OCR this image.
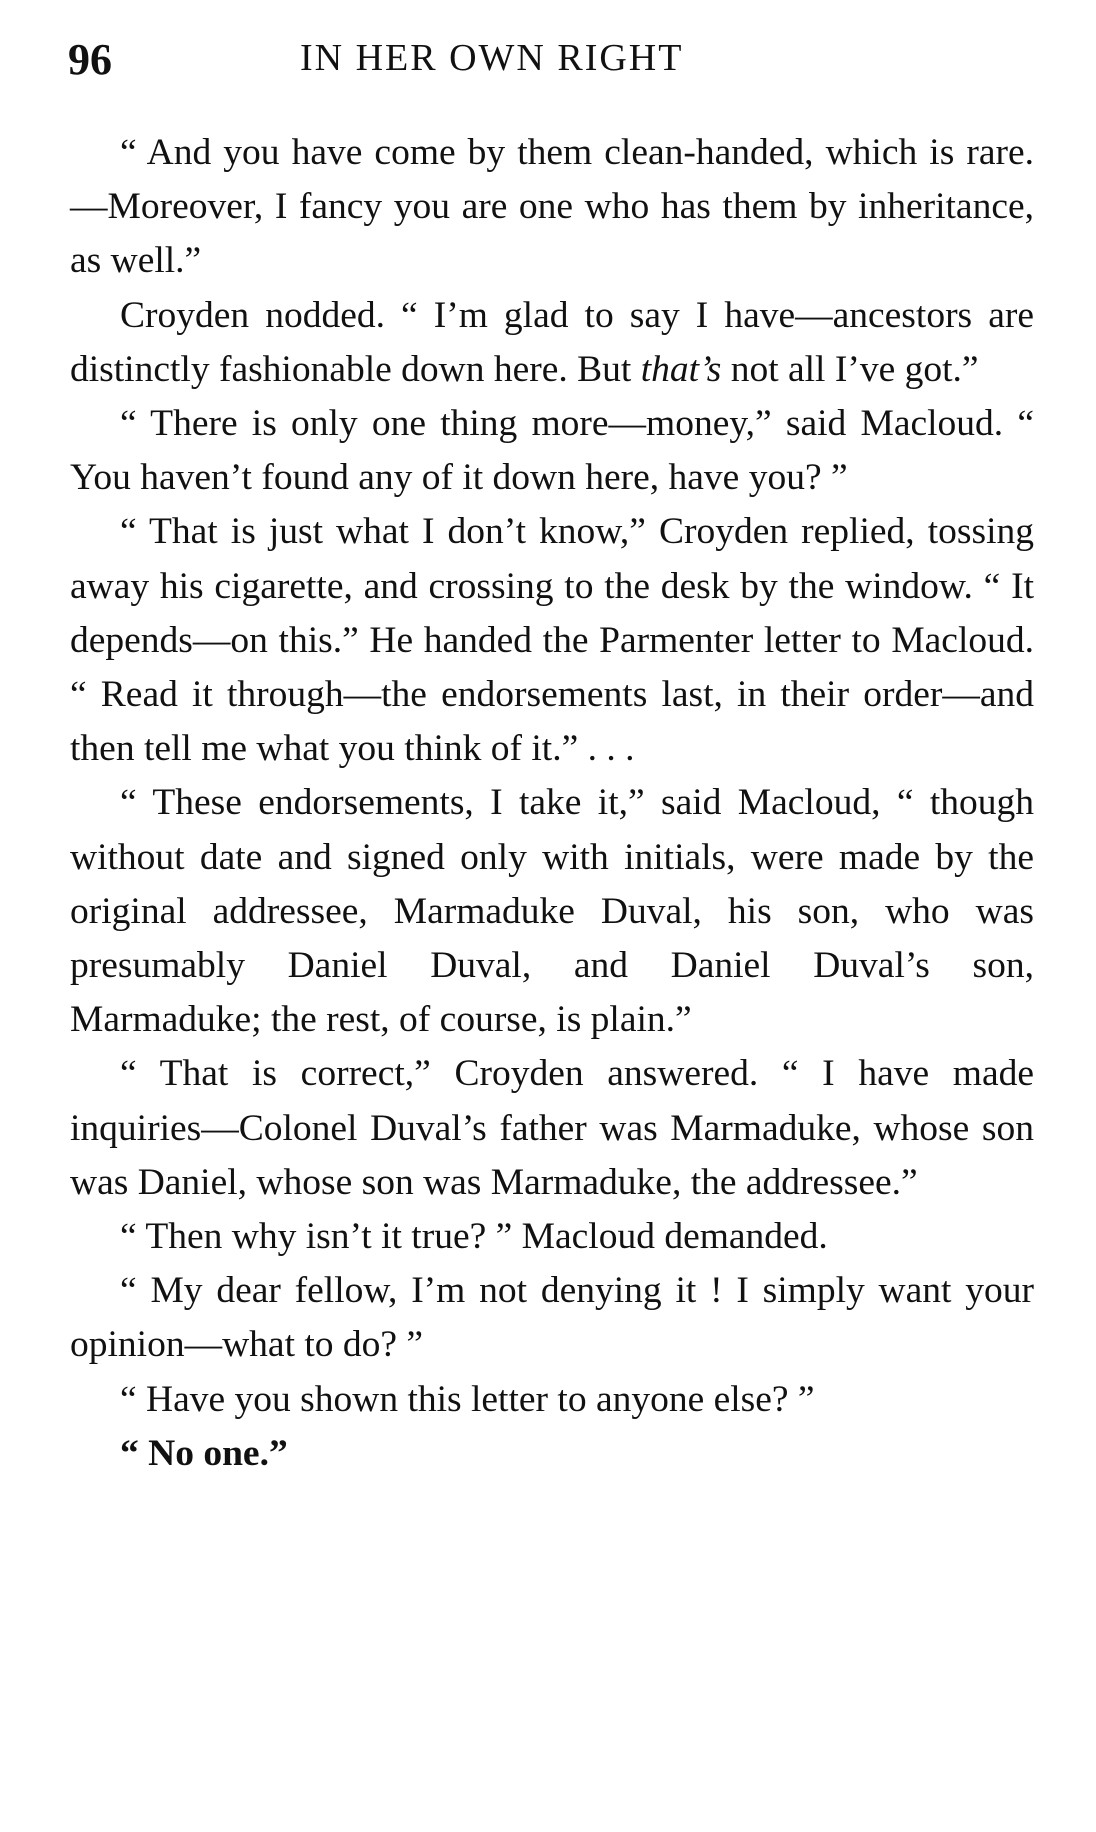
96	IN HER OWN RIGHT

“ And you have come by them clean-handed, which is rare.—Moreover, I fancy you are one who has them by inheritance, as well.”

Croyden nodded. “ I’m glad to say I have—ancestors are distinctly fashionable down here. But that’s not all I’ve got.”

“ There is only one thing more—money,” said Macloud. “ You haven’t found any of it down here, have you? ”

“ That is just what I don’t know,” Croyden replied, tossing away his cigarette, and crossing to the desk by the window. “ It depends—on this.” He handed the Parmenter letter to Macloud. “ Read it through—the endorsements last, in their order—and then tell me what you think of it.” . . .

“ These endorsements, I take it,” said Macloud, “ though without date and signed only with initials, were made by the original addressee, Marmaduke Duval, his son, who was presumably Daniel Duval, and Daniel Duval’s son, Marmaduke; the rest, of course, is plain.”

“ That is correct,” Croyden answered. “ I have made inquiries—Colonel Duval’s father was Marmaduke, whose son was Daniel, whose son was Marmaduke, the addressee.”

“ Then why isn’t it true? ” Macloud demanded.

“ My dear fellow, I’m not denying it ! I simply want your opinion—what to do? ”

“ Have you shown this letter to anyone else? ”

“ No one.”
